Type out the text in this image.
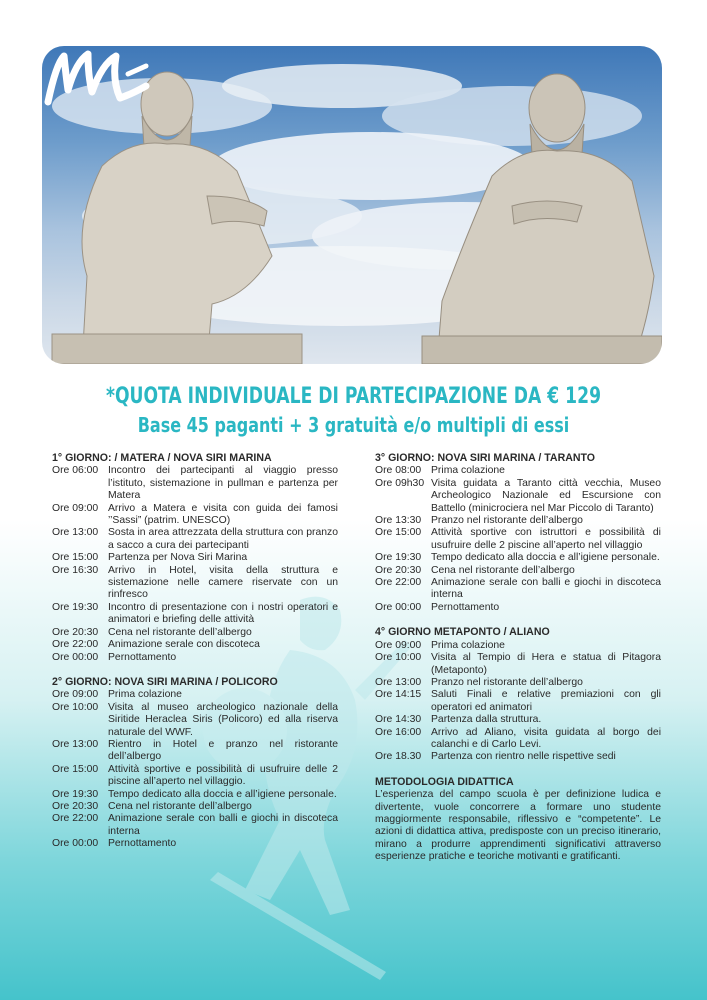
*QUOTA INDIVIDUALE DI PARTECIPAZIONE DA € 129
Base 45 paganti + 3 gratuità e/o multipli di essi
1° GIORNO: / MATERA / NOVA SIRI MARINA
Ore 06:00 Incontro dei partecipanti al viaggio presso l’istituto, sistemazione in pullman e partenza per Matera
Ore 09:00 Arrivo a Matera e visita con guida dei famosi ’’Sassi” (patrim. UNESCO)
Ore 13:00 Sosta in area attrezzata della struttura con pranzo a sacco a cura dei partecipanti
Ore 15:00 Partenza per Nova Siri Marina
Ore 16:30 Arrivo in Hotel, visita della struttura e sistemazione nelle camere riservate con un rinfresco
Ore 19:30 Incontro di presentazione con i nostri operatori e animatori e briefing delle attività
Ore 20:30 Cena nel ristorante dell’albergo
Ore 22:00 Animazione serale con discoteca
Ore 00:00 Pernottamento
2° GIORNO: NOVA SIRI MARINA / POLICORO
Ore 09:00 Prima colazione
Ore 10:00 Visita al museo archeologico nazionale della Siritide Heraclea Siris (Policoro) ed alla riserva naturale del WWF.
Ore 13:00 Rientro in Hotel e pranzo nel ristorante dell’albergo
Ore 15:00 Attività sportive e possibilità di usufruire delle 2 piscine all’aperto nel villaggio.
Ore 19:30 Tempo dedicato alla doccia e all’igiene personale.
Ore 20:30 Cena nel ristorante dell’albergo
Ore 22:00 Animazione serale con balli e giochi in discoteca interna
Ore 00:00 Pernottamento
3° GIORNO: NOVA SIRI MARINA / TARANTO
Ore 08:00 Prima colazione
Ore 09h30 Visita guidata a Taranto città vecchia, Museo Archeologico Nazionale ed Escursione con Battello (minicrociera nel Mar Piccolo di Taranto)
Ore 13:30 Pranzo nel ristorante dell’albergo
Ore 15:00 Attività sportive con istruttori e possibilità di usufruire delle 2 piscine all’aperto nel villaggio
Ore 19:30 Tempo dedicato alla doccia e all’igiene personale.
Ore 20:30 Cena nel ristorante dell’albergo
Ore 22:00 Animazione serale con balli e giochi in discoteca interna
Ore 00:00 Pernottamento
4° GIORNO METAPONTO / ALIANO
Ore 09:00 Prima colazione
Ore 10:00 Visita al Tempio di Hera e statua di Pitagora (Metaponto)
Ore 13:00 Pranzo nel ristorante dell’albergo
Ore 14:15 Saluti Finali e relative premiazioni con gli operatori ed animatori
Ore 14:30 Partenza dalla struttura.
Ore 16:00 Arrivo ad Aliano, visita guidata al borgo dei calanchi e di Carlo Levi.
Ore 18.30 Partenza con rientro nelle rispettive sedi
METODOLOGIA DIDATTICA
L’esperienza del campo scuola è per definizione ludica e divertente, vuole concorrere a formare uno studente maggiormente responsabile, riflessivo e “competente”. Le azioni di didattica attiva, predisposte con un preciso itinerario, mirano a produrre apprendimenti significativi attraverso esperienze pratiche e teoriche motivanti e gratificanti.
